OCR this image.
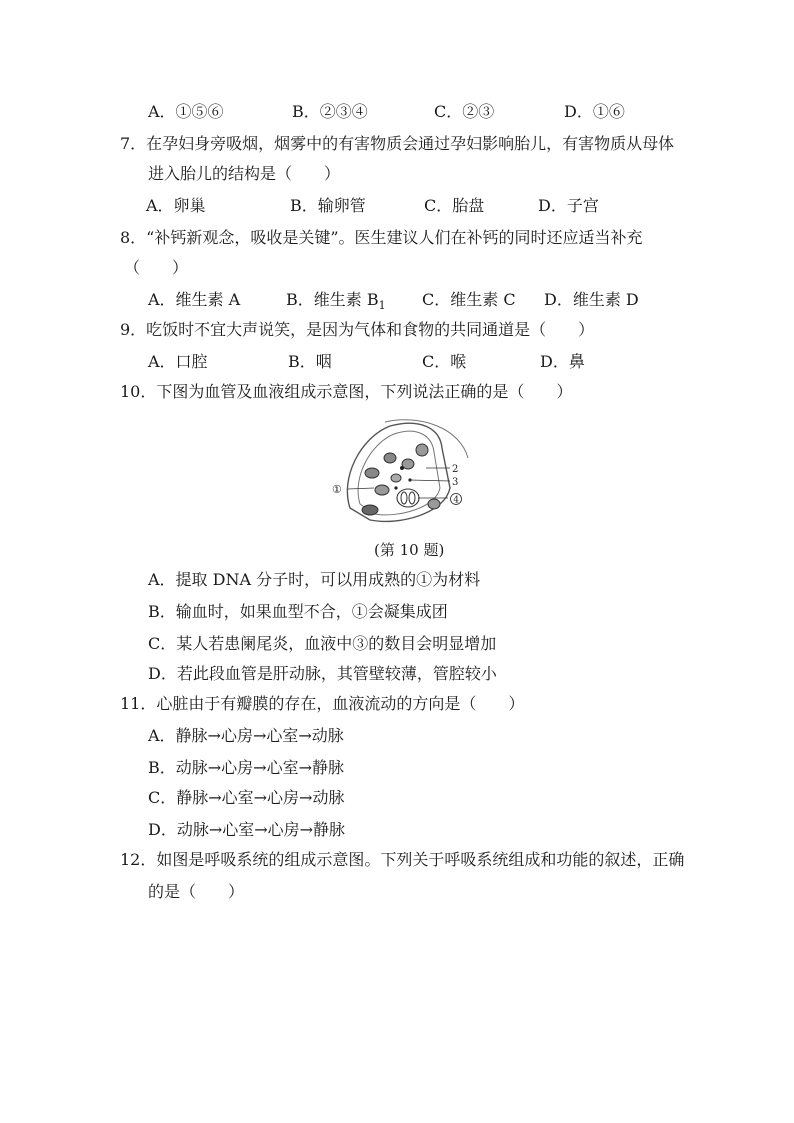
A．①⑤⑥	B．②③④	C．②③	D．①⑥
7．在孕妇身旁吸烟，烟雾中的有害物质会通过孕妇影响胎儿，有害物质从母体
进入胎儿的结构是（　　）
A．卵巢	B．输卵管	C．胎盘	D．子宫
8．“补钙新观念，吸收是关键”。医生建议人们在补钙的同时还应适当补充
（　　）
A．维生素 A	B．维生素 $B_1$ C．维生素 C D．维生素 D
9．吃饭时不宜大声说笑，是因为气体和食物的共同通道是（　　）
A．口腔	B．咽	C．喉	D．鼻
10．下图为血管及血液组成示意图，下列说法正确的是（　　）
①
2
3
4
(第 10 题)
A．提取 DNA 分子时，可以用成熟的①为材料
B．输血时，如果血型不合，①会凝集成团
C．某人若患阑尾炎，血液中③的数目会明显增加
D．若此段血管是肝动脉，其管壁较薄，管腔较小
11．心脏由于有瓣膜的存在，血液流动的方向是（　　）
A．静脉→心房→心室→动脉
B．动脉→心房→心室→静脉
C．静脉→心室→心房→动脉
D．动脉→心室→心房→静脉
12．如图是呼吸系统的组成示意图。下列关于呼吸系统组成和功能的叙述，正确
的是（　　）
